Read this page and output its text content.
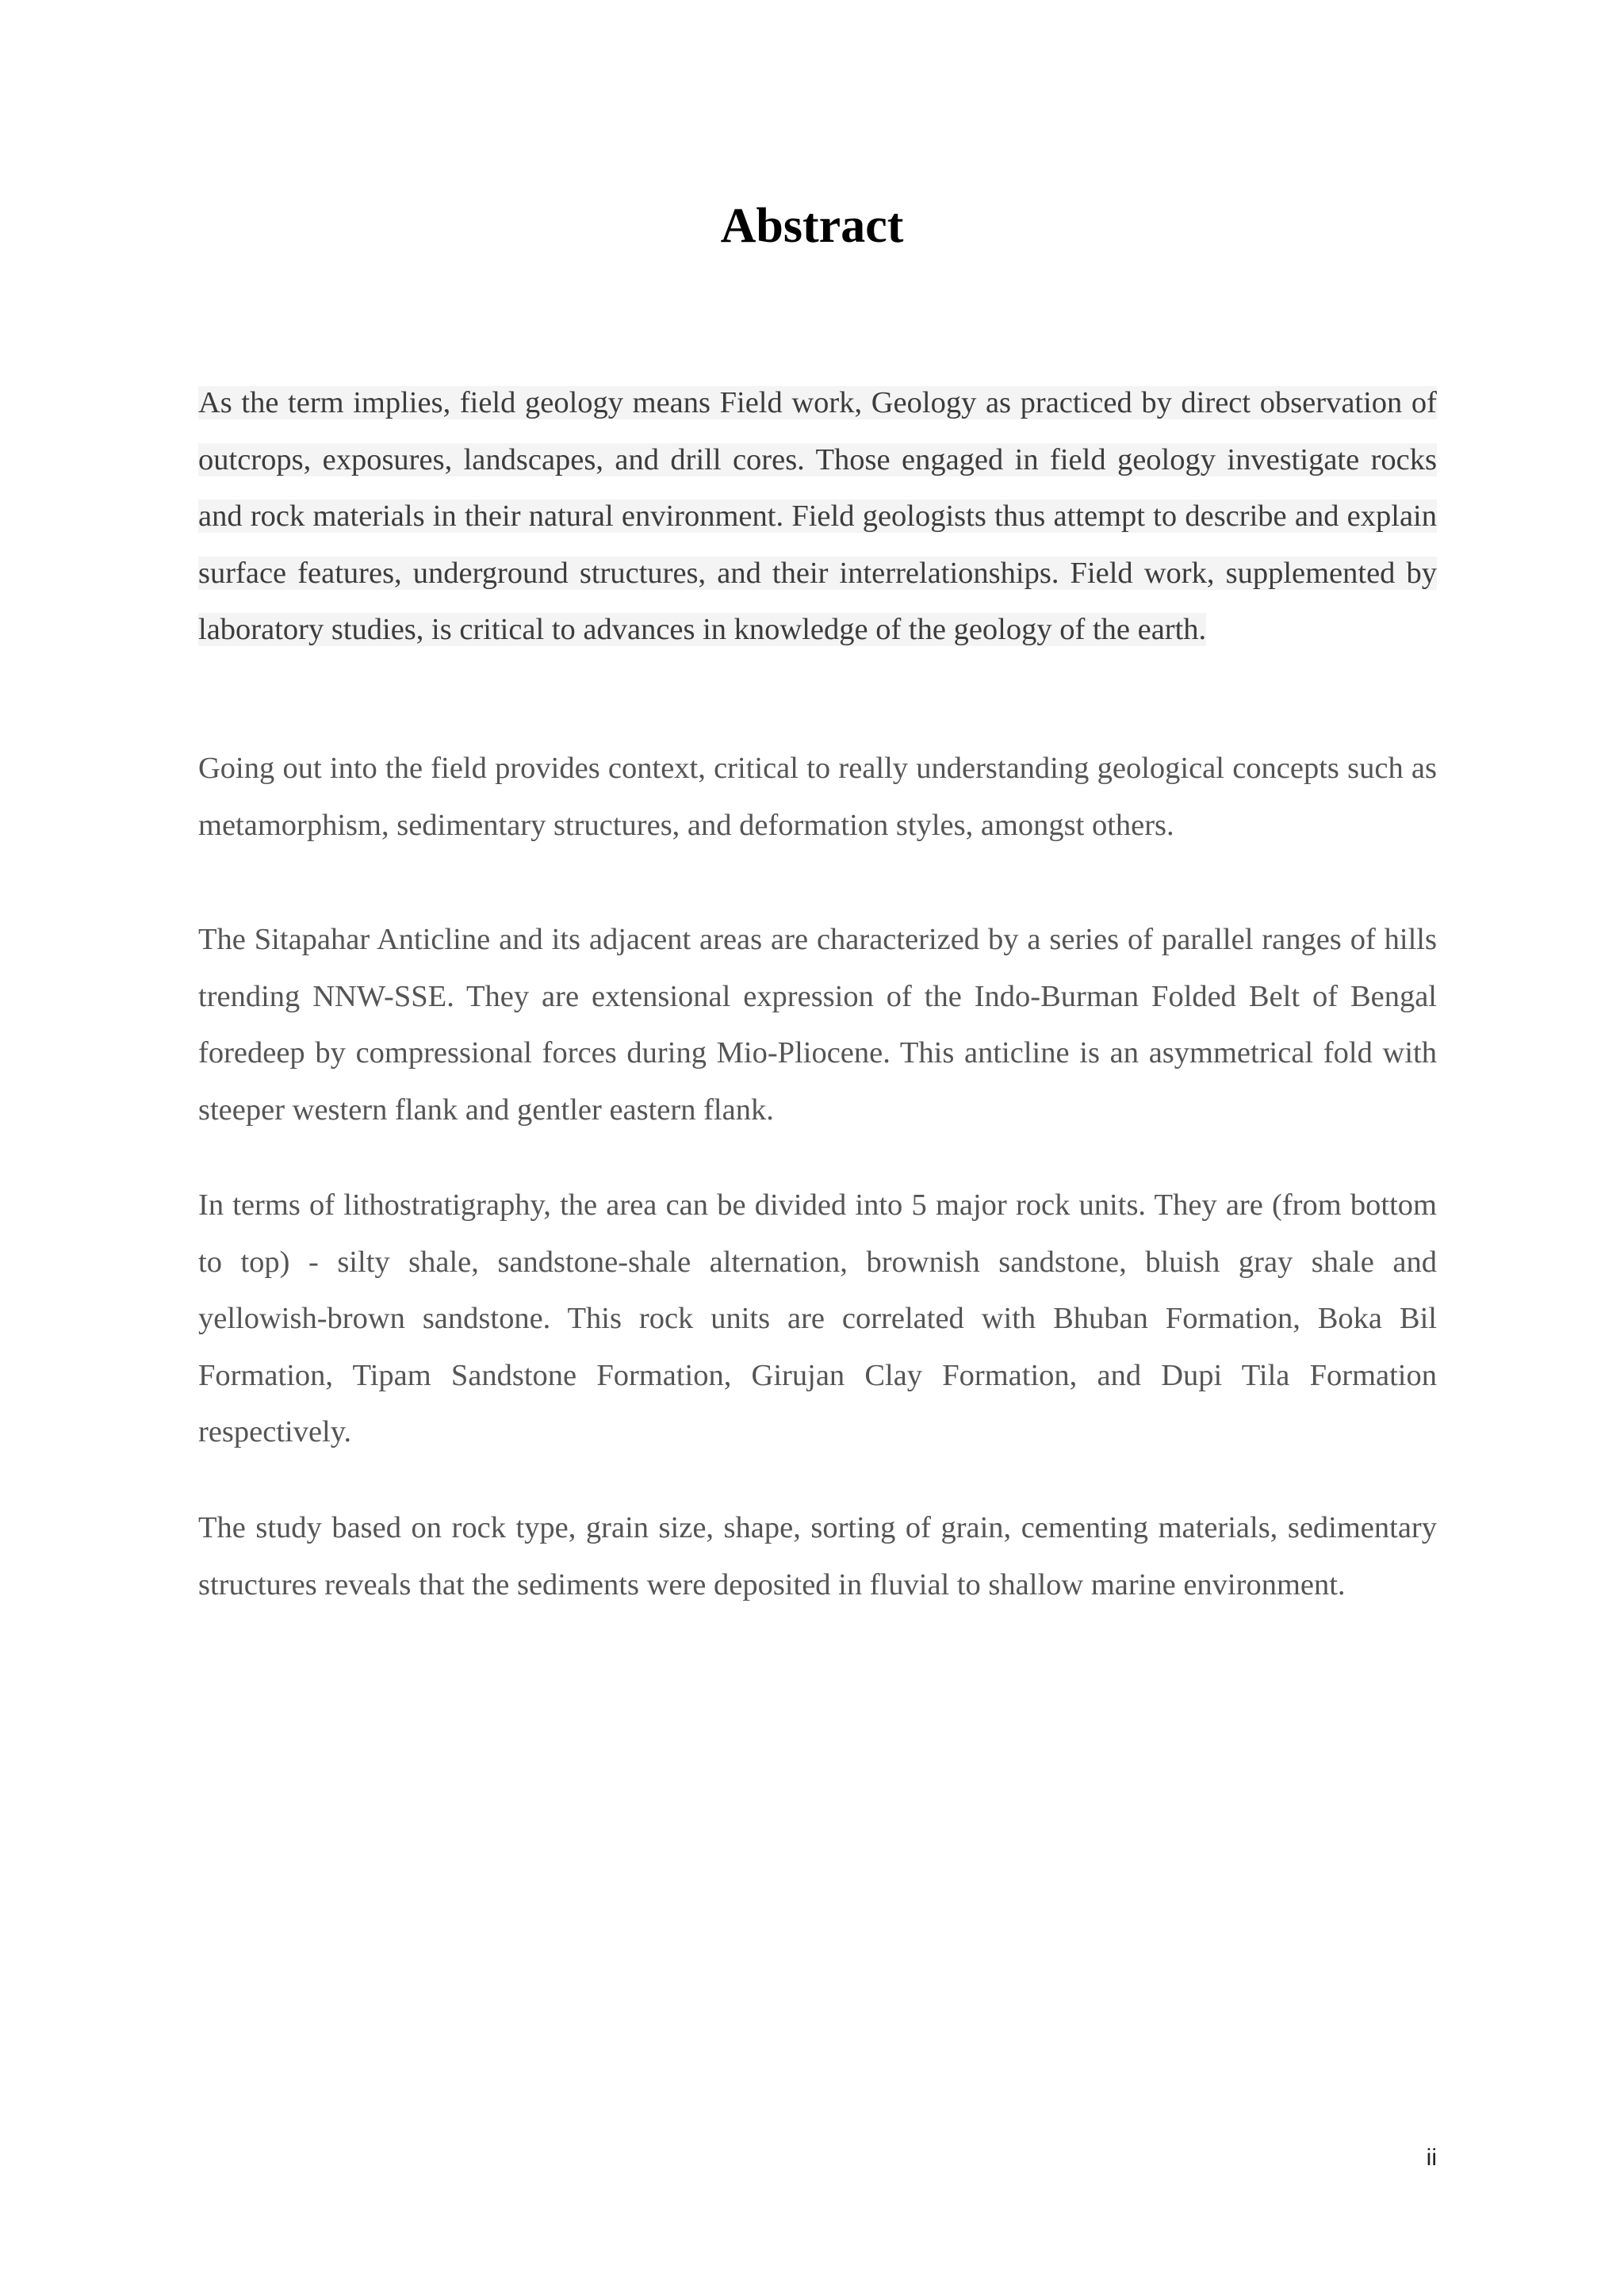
Abstract

As the term implies, field geology means Field work, Geology as practiced by direct observation of outcrops, exposures, landscapes, and drill cores. Those engaged in field geology investigate rocks and rock materials in their natural environment. Field geologists thus attempt to describe and explain surface features, underground structures, and their interrelationships. Field work, supplemented by laboratory studies, is critical to advances in knowledge of the geology of the earth.

Going out into the field provides context, critical to really understanding geological concepts such as metamorphism, sedimentary structures, and deformation styles, amongst others.

The Sitapahar Anticline and its adjacent areas are characterized by a series of parallel ranges of hills trending NNW-SSE. They are extensional expression of the Indo-Burman Folded Belt of Bengal foredeep by compressional forces during Mio-Pliocene. This anticline is an asymmetrical fold with steeper western flank and gentler eastern flank.

In terms of lithostratigraphy, the area can be divided into 5 major rock units. They are (from bottom to top) - silty shale, sandstone-shale alternation, brownish sandstone, bluish gray shale and yellowish-brown sandstone. This rock units are correlated with Bhuban Formation, Boka Bil Formation, Tipam Sandstone Formation, Girujan Clay Formation, and Dupi Tila Formation respectively.

The study based on rock type, grain size, shape, sorting of grain, cementing materials, sedimentary structures reveals that the sediments were deposited in fluvial to shallow marine environment.

ii
